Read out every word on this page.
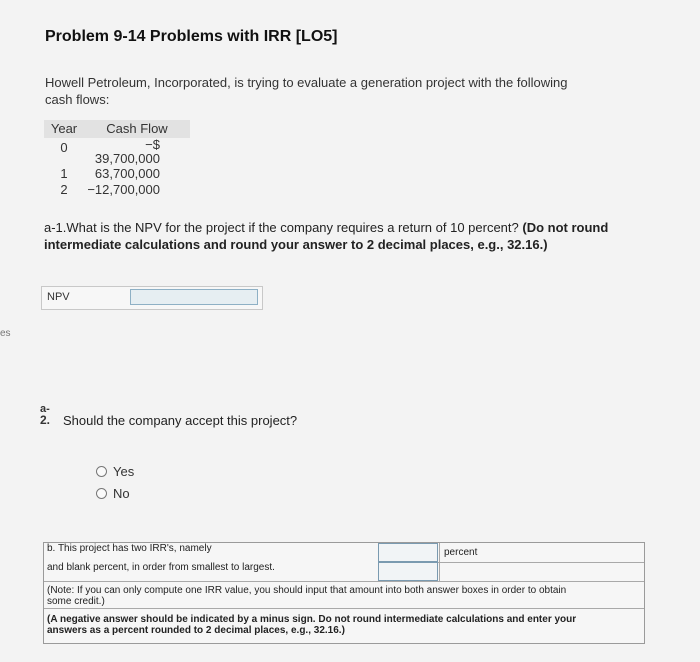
Problem 9-14 Problems with IRR [LO5]
Howell Petroleum, Incorporated, is trying to evaluate a generation project with the following cash flows:
Year	Cash Flow
0	−$
39,700,000
1	63,700,000
2	−12,700,000
a-1.What is the NPV for the project if the company requires a return of 10 percent? (Do not round intermediate calculations and round your answer to 2 decimal places, e.g., 32.16.)
NPV
es
a-
2. Should the company accept this project?
Yes
No
b. This project has two IRR's, namely	percent
and blank percent, in order from smallest to largest.
(Note: If you can only compute one IRR value, you should input that amount into both answer boxes in order to obtain
some credit.)
(A negative answer should be indicated by a minus sign. Do not round intermediate calculations and enter your
answers as a percent rounded to 2 decimal places, e.g., 32.16.)
